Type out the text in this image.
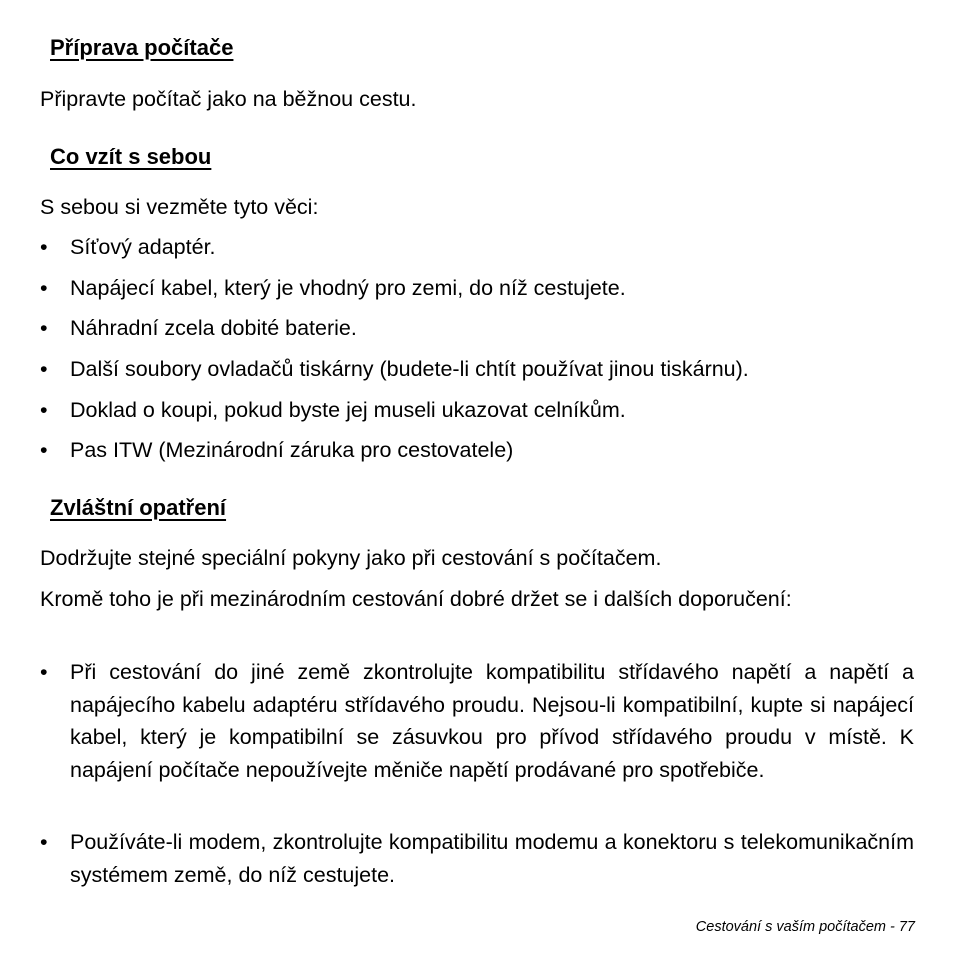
Příprava počítače
Připravte počítač jako na běžnou cestu.
Co vzít s sebou
S sebou si vezměte tyto věci:
•	Síťový adaptér.
•	Napájecí kabel, který je vhodný pro zemi, do níž cestujete.
•	Náhradní zcela dobité baterie.
•	Další soubory ovladačů tiskárny (budete-li chtít používat jinou tiskárnu).
•	Doklad o koupi, pokud byste jej museli ukazovat celníkům.
•	Pas ITW (Mezinárodní záruka pro cestovatele)
Zvláštní opatření
Dodržujte stejné speciální pokyny jako při cestování s počítačem.
Kromě toho je při mezinárodním cestování dobré držet se i dalších doporučení:
•	Při cestování do jiné země zkontrolujte kompatibilitu střídavého napětí a napětí a napájecího kabelu adaptéru střídavého proudu. Nejsou-li kompatibilní, kupte si napájecí kabel, který je kompatibilní se zásuvkou pro přívod střídavého proudu v místě. K napájení počítače nepoužívejte měniče napětí prodávané pro spotřebiče.
•	Používáte-li modem, zkontrolujte kompatibilitu modemu a konektoru s telekomunikačním systémem země, do níž cestujete.
Cestování s vaším počítačem - 77
